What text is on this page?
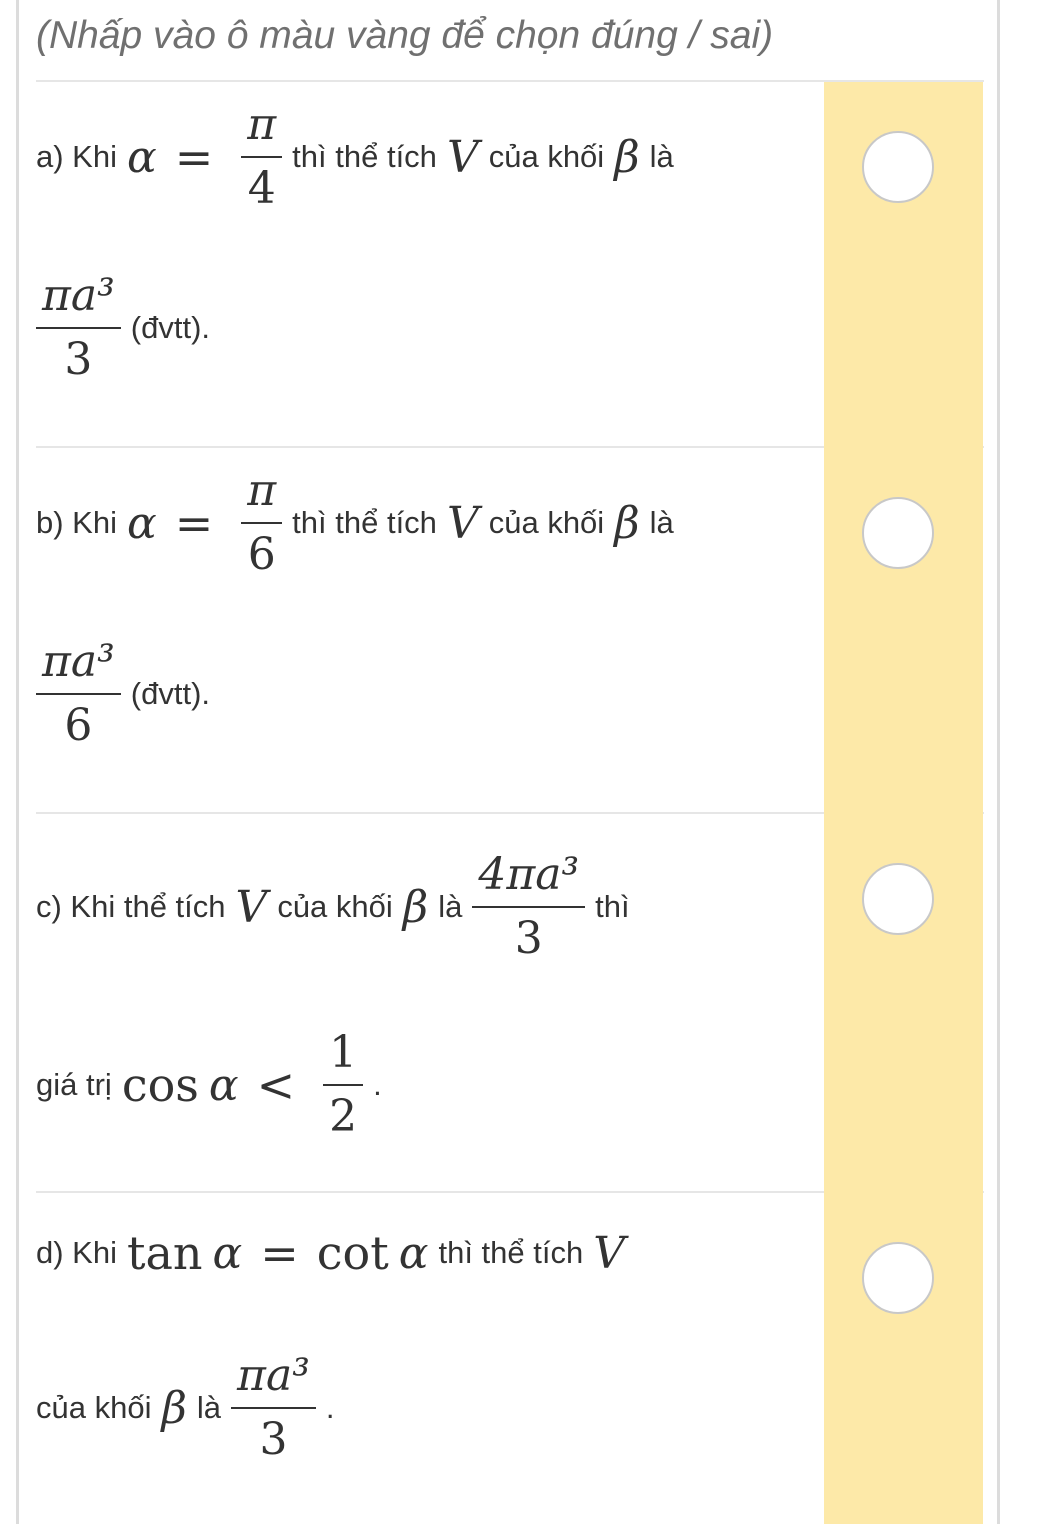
(Nhấp vào ô màu vàng để chọn đúng / sai)
a) Khi $\alpha = \frac{\pi}{4}$ thì thể tích V của khối β là
$\frac{\text{πa³}}{3}$ (đvtt).
b) Khi $\alpha = \frac{\pi}{6}$ thì thể tích V của khối β là
$\frac{\text{πa³}}{6}$ (đvtt).
c) Khi thể tích V của khối β là $\frac{\text{4πa³}}{3}$ thì
giá trị $\cos \alpha < \frac{1}{2}$ .
d) Khi tan α = cot α thì thể tích V
của khối β là $\frac{\text{πa³}}{3}$ .
